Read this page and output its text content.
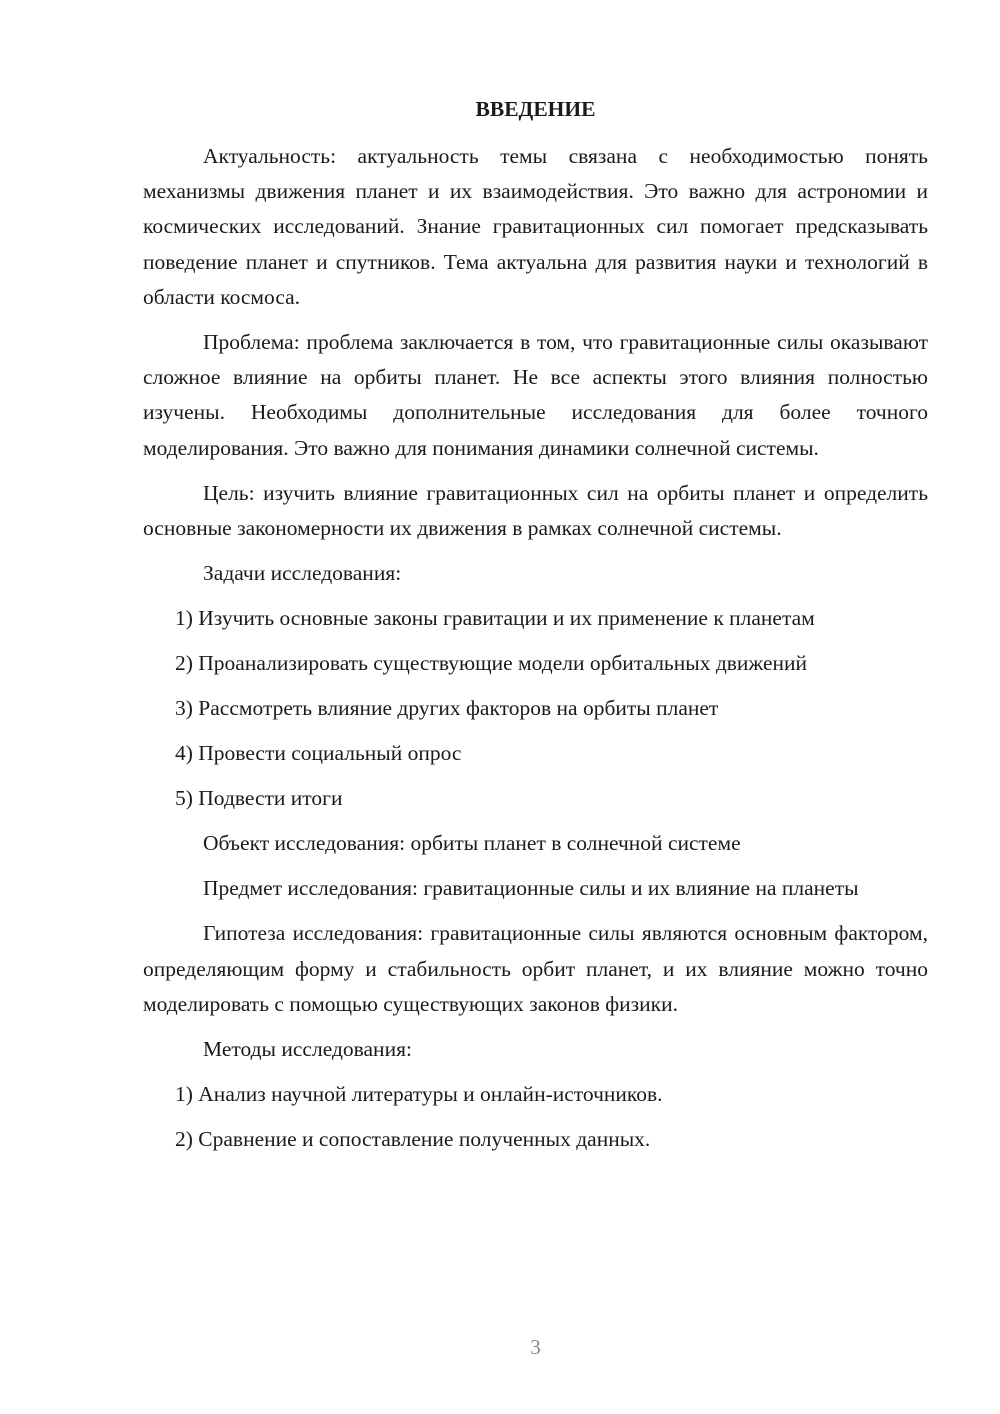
ВВЕДЕНИЕ

Актуальность: актуальность темы связана с необходимостью понять механизмы движения планет и их взаимодействия. Это важно для астрономии и космических исследований. Знание гравитационных сил помогает предсказывать поведение планет и спутников. Тема актуальна для развития науки и технологий в области космоса.

Проблема: проблема заключается в том, что гравитационные силы оказывают сложное влияние на орбиты планет. Не все аспекты этого влияния полностью изучены. Необходимы дополнительные исследования для более точного моделирования. Это важно для понимания динамики солнечной системы.

Цель: изучить влияние гравитационных сил на орбиты планет и определить основные закономерности их движения в рамках солнечной системы.

Задачи исследования:
1) Изучить основные законы гравитации и их применение к планетам
2) Проанализировать существующие модели орбитальных движений
3) Рассмотреть влияние других факторов на орбиты планет
4) Провести социальный опрос
5) Подвести итоги
Объект исследования: орбиты планет в солнечной системе

Предмет исследования: гравитационные силы и их влияние на планеты

Гипотеза исследования: гравитационные силы являются основным фактором, определяющим форму и стабильность орбит планет, и их влияние можно точно моделировать с помощью существующих законов физики.

Методы исследования:
1) Анализ научной литературы и онлайн-источников.
2) Сравнение и сопоставление полученных данных.
3
